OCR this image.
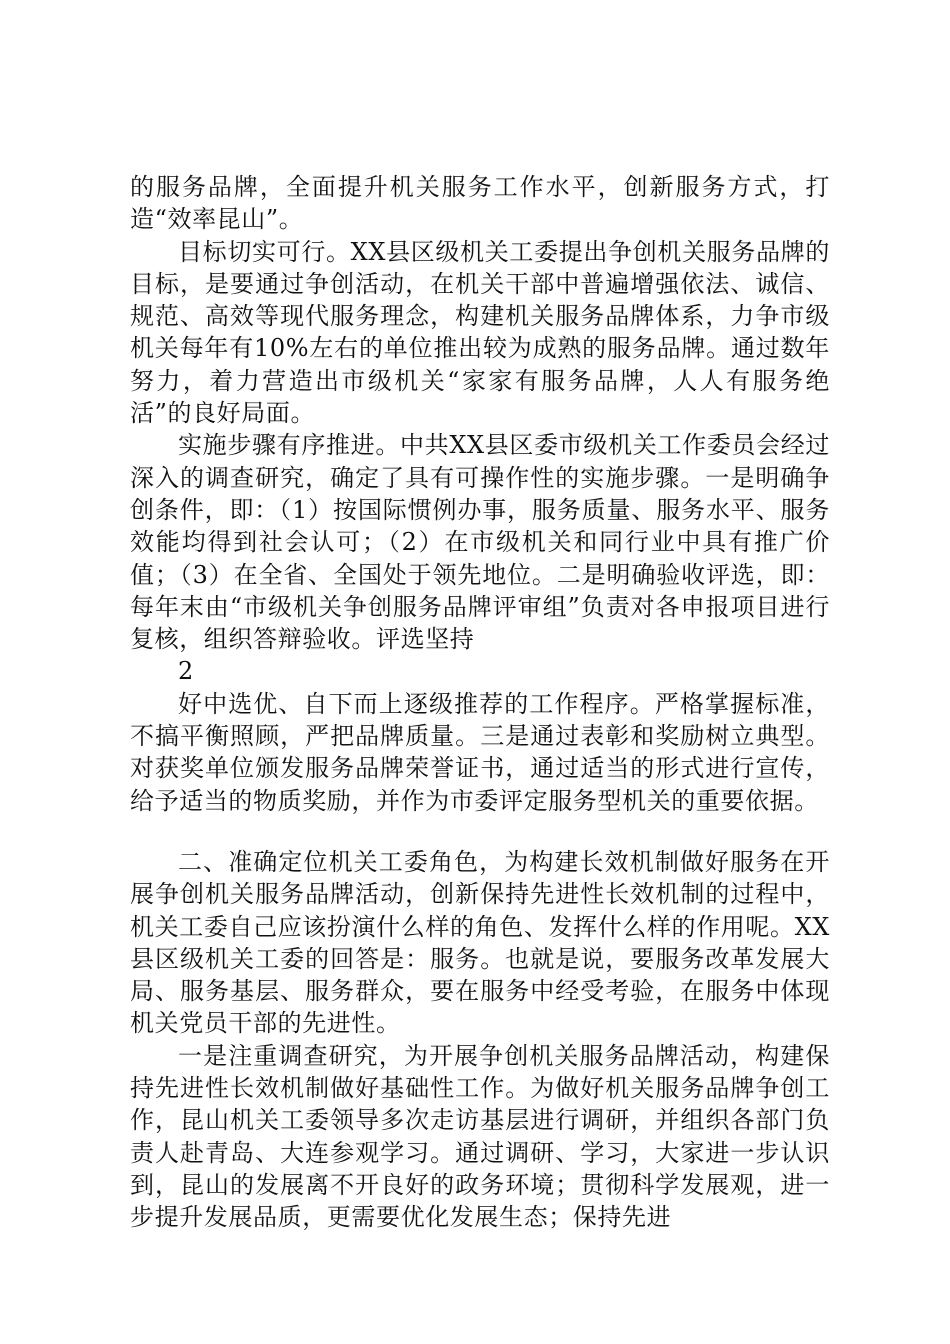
的服务品牌，全面提升机关服务工作水平，创新服务方式，打造“效率昆山”。

目标切实可行。XX县区级机关工委提出争创机关服务品牌的目标，是要通过争创活动，在机关干部中普遍增强依法、诚信、规范、高效等现代服务理念，构建机关服务品牌体系，力争市级机关每年有10%左右的单位推出较为成熟的服务品牌。通过数年努力，着力营造出市级机关“家家有服务品牌，人人有服务绝活”的良好局面。

实施步骤有序推进。中共XX县区委市级机关工作委员会经过深入的调查研究，确定了具有可操作性的实施步骤。一是明确争创条件，即：（1）按国际惯例办事，服务质量、服务水平、服务效能均得到社会认可；（2）在市级机关和同行业中具有推广价值；（3）在全省、全国处于领先地位。二是明确验收评选，即：每年末由“市级机关争创服务品牌评审组”负责对各申报项目进行复核，组织答辩验收。评选坚持

2

好中选优、自下而上逐级推荐的工作程序。严格掌握标准，不搞平衡照顾，严把品牌质量。三是通过表彰和奖励树立典型。对获奖单位颁发服务品牌荣誉证书，通过适当的形式进行宣传，给予适当的物质奖励，并作为市委评定服务型机关的重要依据。

二、准确定位机关工委角色，为构建长效机制做好服务在开展争创机关服务品牌活动，创新保持先进性长效机制的过程中，机关工委自己应该扮演什么样的角色、发挥什么样的作用呢。XX县区级机关工委的回答是：服务。也就是说，要服务改革发展大局、服务基层、服务群众，要在服务中经受考验，在服务中体现机关党员干部的先进性。

一是注重调查研究，为开展争创机关服务品牌活动，构建保持先进性长效机制做好基础性工作。为做好机关服务品牌争创工作，昆山机关工委领导多次走访基层进行调研，并组织各部门负责人赴青岛、大连参观学习。通过调研、学习，大家进一步认识到，昆山的发展离不开良好的政务环境；贯彻科学发展观，进一步提升发展品质，更需要优化发展生态；保持先进
